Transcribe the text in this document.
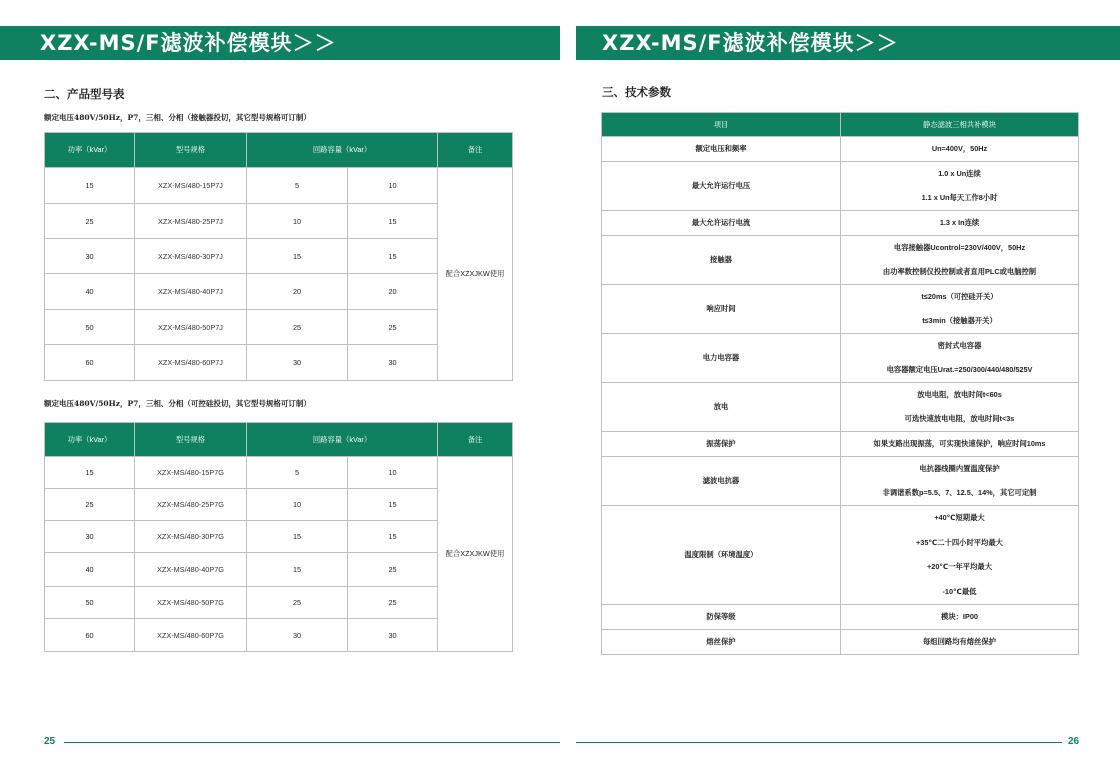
XZX-MS/F滤波补偿模块＞＞	XZX-MS/F滤波补偿模块＞＞
二、产品型号表
额定电压480V/50Hz，P7，三相、分相（接触器投切，其它型号规格可订制）
功率（kVar）	型号规格	回路容量（kVar）		备注
15	XZX-MS/480-15P7J	5	10	配合XZXJKW使用
25	XZX-MS/480-25P7J	10	15	
30	XZX-MS/480-30P7J	15	15	
40	XZX-MS/480-40P7J	20	20	
50	XZX-MS/480-50P7J	25	25	
60	XZX-MS/480-60P7J	30	30	
额定电压480V/50Hz，P7，三相、分相（可控硅投切，其它型号规格可订制）
功率（kVar）	型号规格	回路容量（kVar）		备注
15	XZX-MS/480-15P7G	5	10	配合XZXJKW使用
25	XZX-MS/480-25P7G	10	15	
30	XZX-MS/480-30P7G	15	15	
40	XZX-MS/480-40P7G	15	25	
50	XZX-MS/480-50P7G	25	25	
60	XZX-MS/480-60P7G	30	30	
三、技术参数
项目	静态滤波三相共补模块
额定电压和频率	Un=400V，50Hz

最大允许运行电压	1.0 x Un连续
1.1 x Un每天工作8小时

最大允许运行电流	1.3 x In连续

接触器	电容接触器Ucontrol=230V/400V，50Hz
由功率数控制仪投控制或者直用PLC或电脑控制

响应时间	t≤20ms（可控硅开关）
t≤3min（接触器开关）

电力电容器	密封式电容器
电容器额定电压Urat.=250/300/440/480/525V

放电	放电电阻，放电时间t<60s
可选快速放电电阻，放电时间t<3s

振荡保护	如果支路出现振荡，可实现快速保护，响应时间10ms

滤波电抗器	电抗器线圈内置温度保护
非调谐系数p=5.5、7、12.5、14%，其它可定制

温度限制（环境温度）	+40℃短期最大
+35℃二十四小时平均最大
+20℃一年平均最大
-10℃最低

防保等级	模块：IP00

熔丝保护	每组回路均有熔丝保护
25	26
